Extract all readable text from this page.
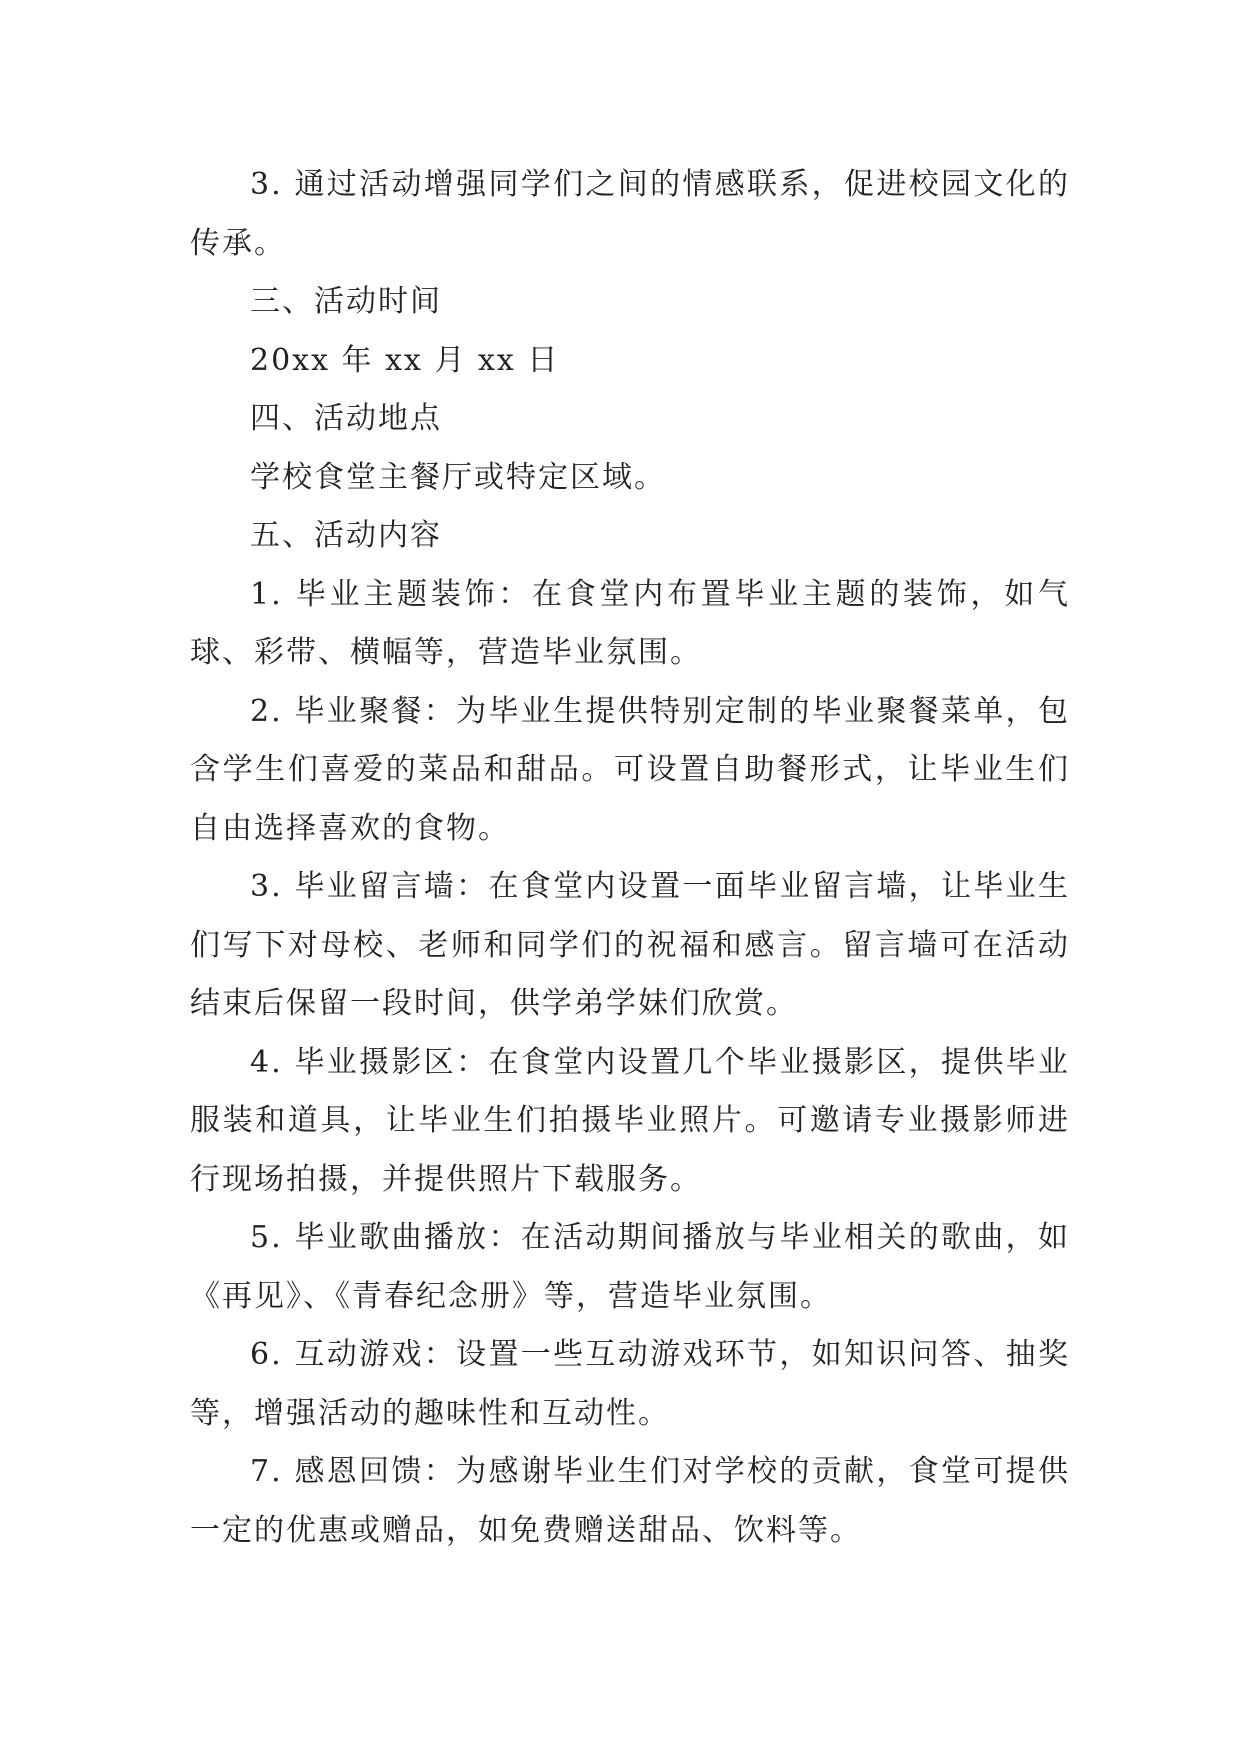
3. 通过活动增强同学们之间的情感联系，促进校园文化的传承。

三、活动时间

20xx 年 xx 月 xx 日

四、活动地点

学校食堂主餐厅或特定区域。

五、活动内容

1. 毕业主题装饰：在食堂内布置毕业主题的装饰，如气球、彩带、横幅等，营造毕业氛围。

2. 毕业聚餐：为毕业生提供特别定制的毕业聚餐菜单，包含学生们喜爱的菜品和甜品。可设置自助餐形式，让毕业生们自由选择喜欢的食物。

3. 毕业留言墙：在食堂内设置一面毕业留言墙，让毕业生们写下对母校、老师和同学们的祝福和感言。留言墙可在活动结束后保留一段时间，供学弟学妹们欣赏。

4. 毕业摄影区：在食堂内设置几个毕业摄影区，提供毕业服装和道具，让毕业生们拍摄毕业照片。可邀请专业摄影师进行现场拍摄，并提供照片下载服务。

5. 毕业歌曲播放：在活动期间播放与毕业相关的歌曲，如《再见》、《青春纪念册》等，营造毕业氛围。

6. 互动游戏：设置一些互动游戏环节，如知识问答、抽奖等，增强活动的趣味性和互动性。

7. 感恩回馈：为感谢毕业生们对学校的贡献，食堂可提供一定的优惠或赠品，如免费赠送甜品、饮料等。
